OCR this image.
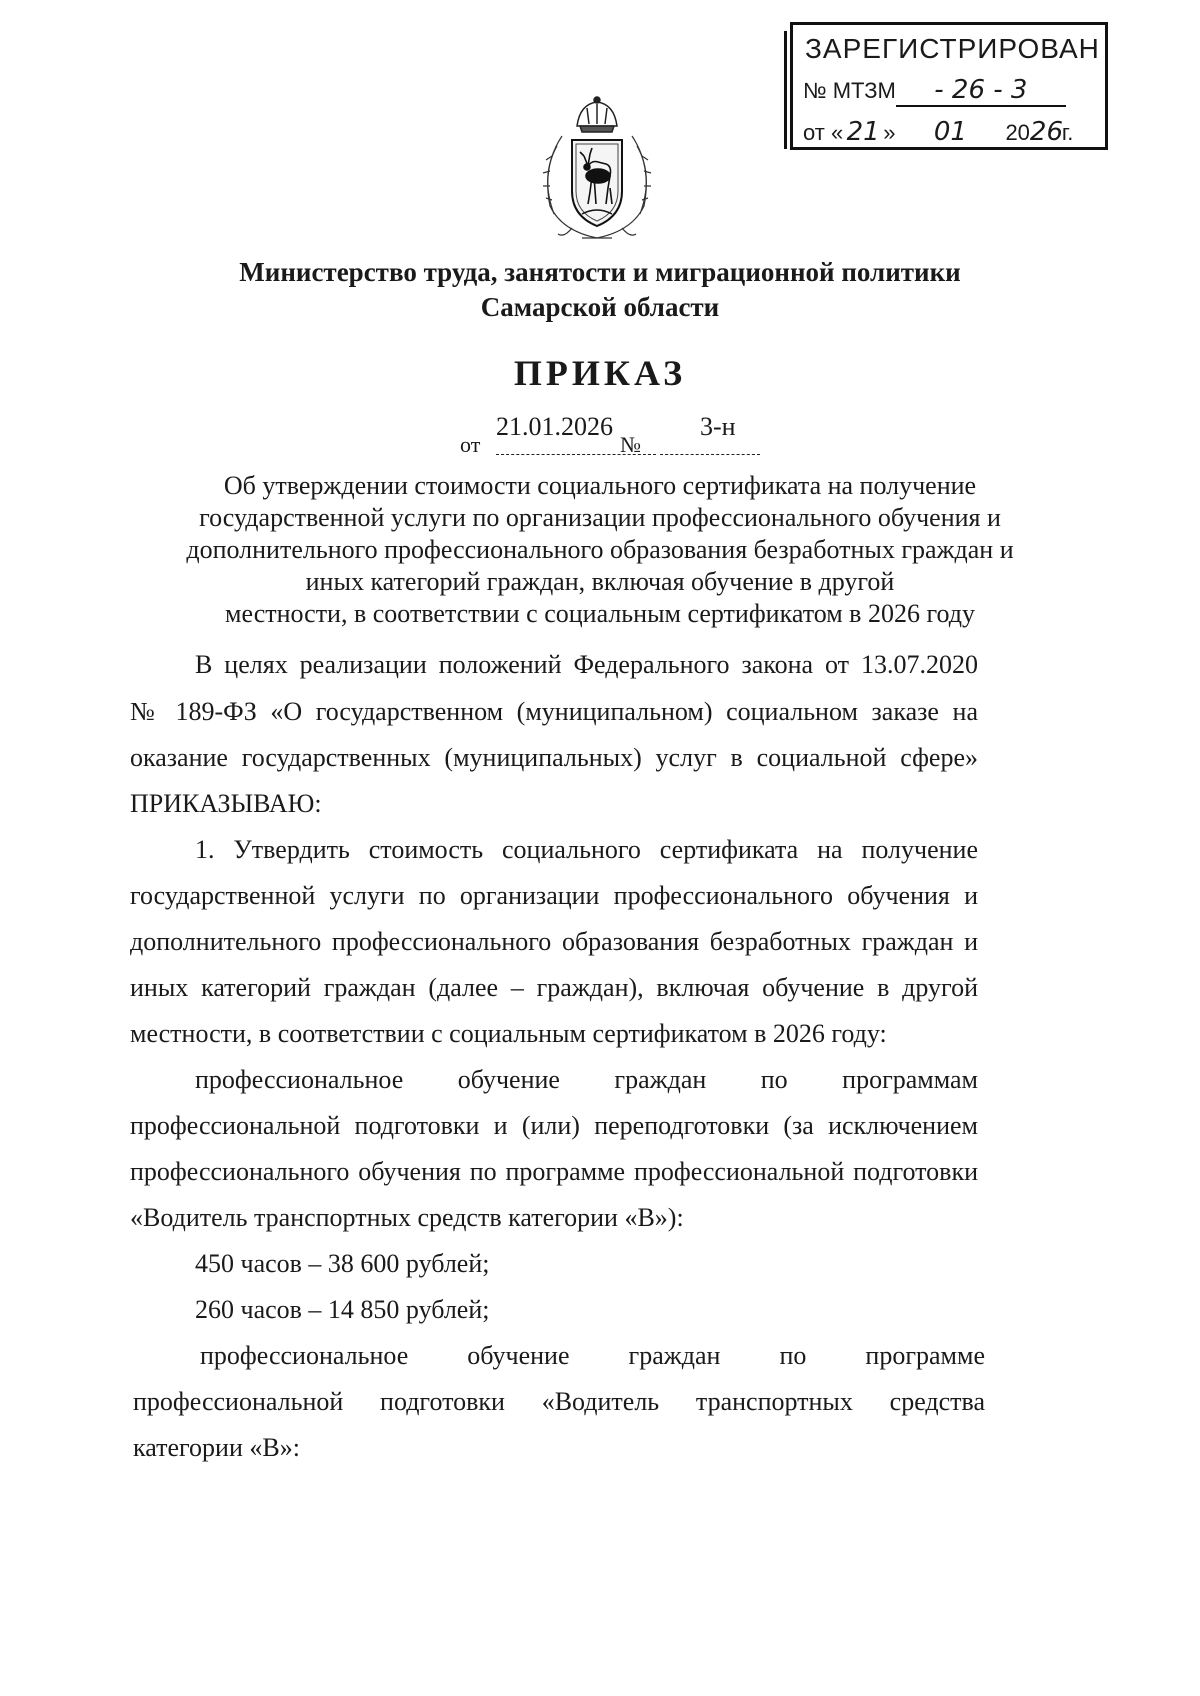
ЗАРЕГИСТРИРОВАН
№ МТЗМ - 26 - 3
от « 21 » 01 2026г.
Министерство труда, занятости и миграционной политики
Самарской области
ПРИКАЗ
от
21.01.2026
№
3-н
Об утверждении стоимости социального сертификата на получение
государственной услуги по организации профессионального обучения и
дополнительного профессионального образования безработных граждан и
иных категорий граждан, включая обучение в другой
местности, в соответствии с социальным сертификатом в 2026 году
В целях реализации положений Федерального закона от 13.07.2020
№ 189-ФЗ «О государственном (муниципальном) социальном заказе на
оказание государственных (муниципальных) услуг в социальной сфере»
ПРИКАЗЫВАЮ:
1. Утвердить стоимость социального сертификата на получение
государственной услуги по организации профессионального обучения и
дополнительного профессионального образования безработных граждан и
иных категорий граждан (далее – граждан), включая обучение в другой
местности, в соответствии с социальным сертификатом в 2026 году:
профессиональное обучение граждан по программам
профессиональной подготовки и (или) переподготовки (за исключением
профессионального обучения по программе профессиональной подготовки
«Водитель транспортных средств категории «В»):
450 часов – 38 600 рублей;
260 часов – 14 850 рублей;
профессиональное обучение граждан по программе
профессиональной подготовки «Водитель транспортных средства
категории «В»:
